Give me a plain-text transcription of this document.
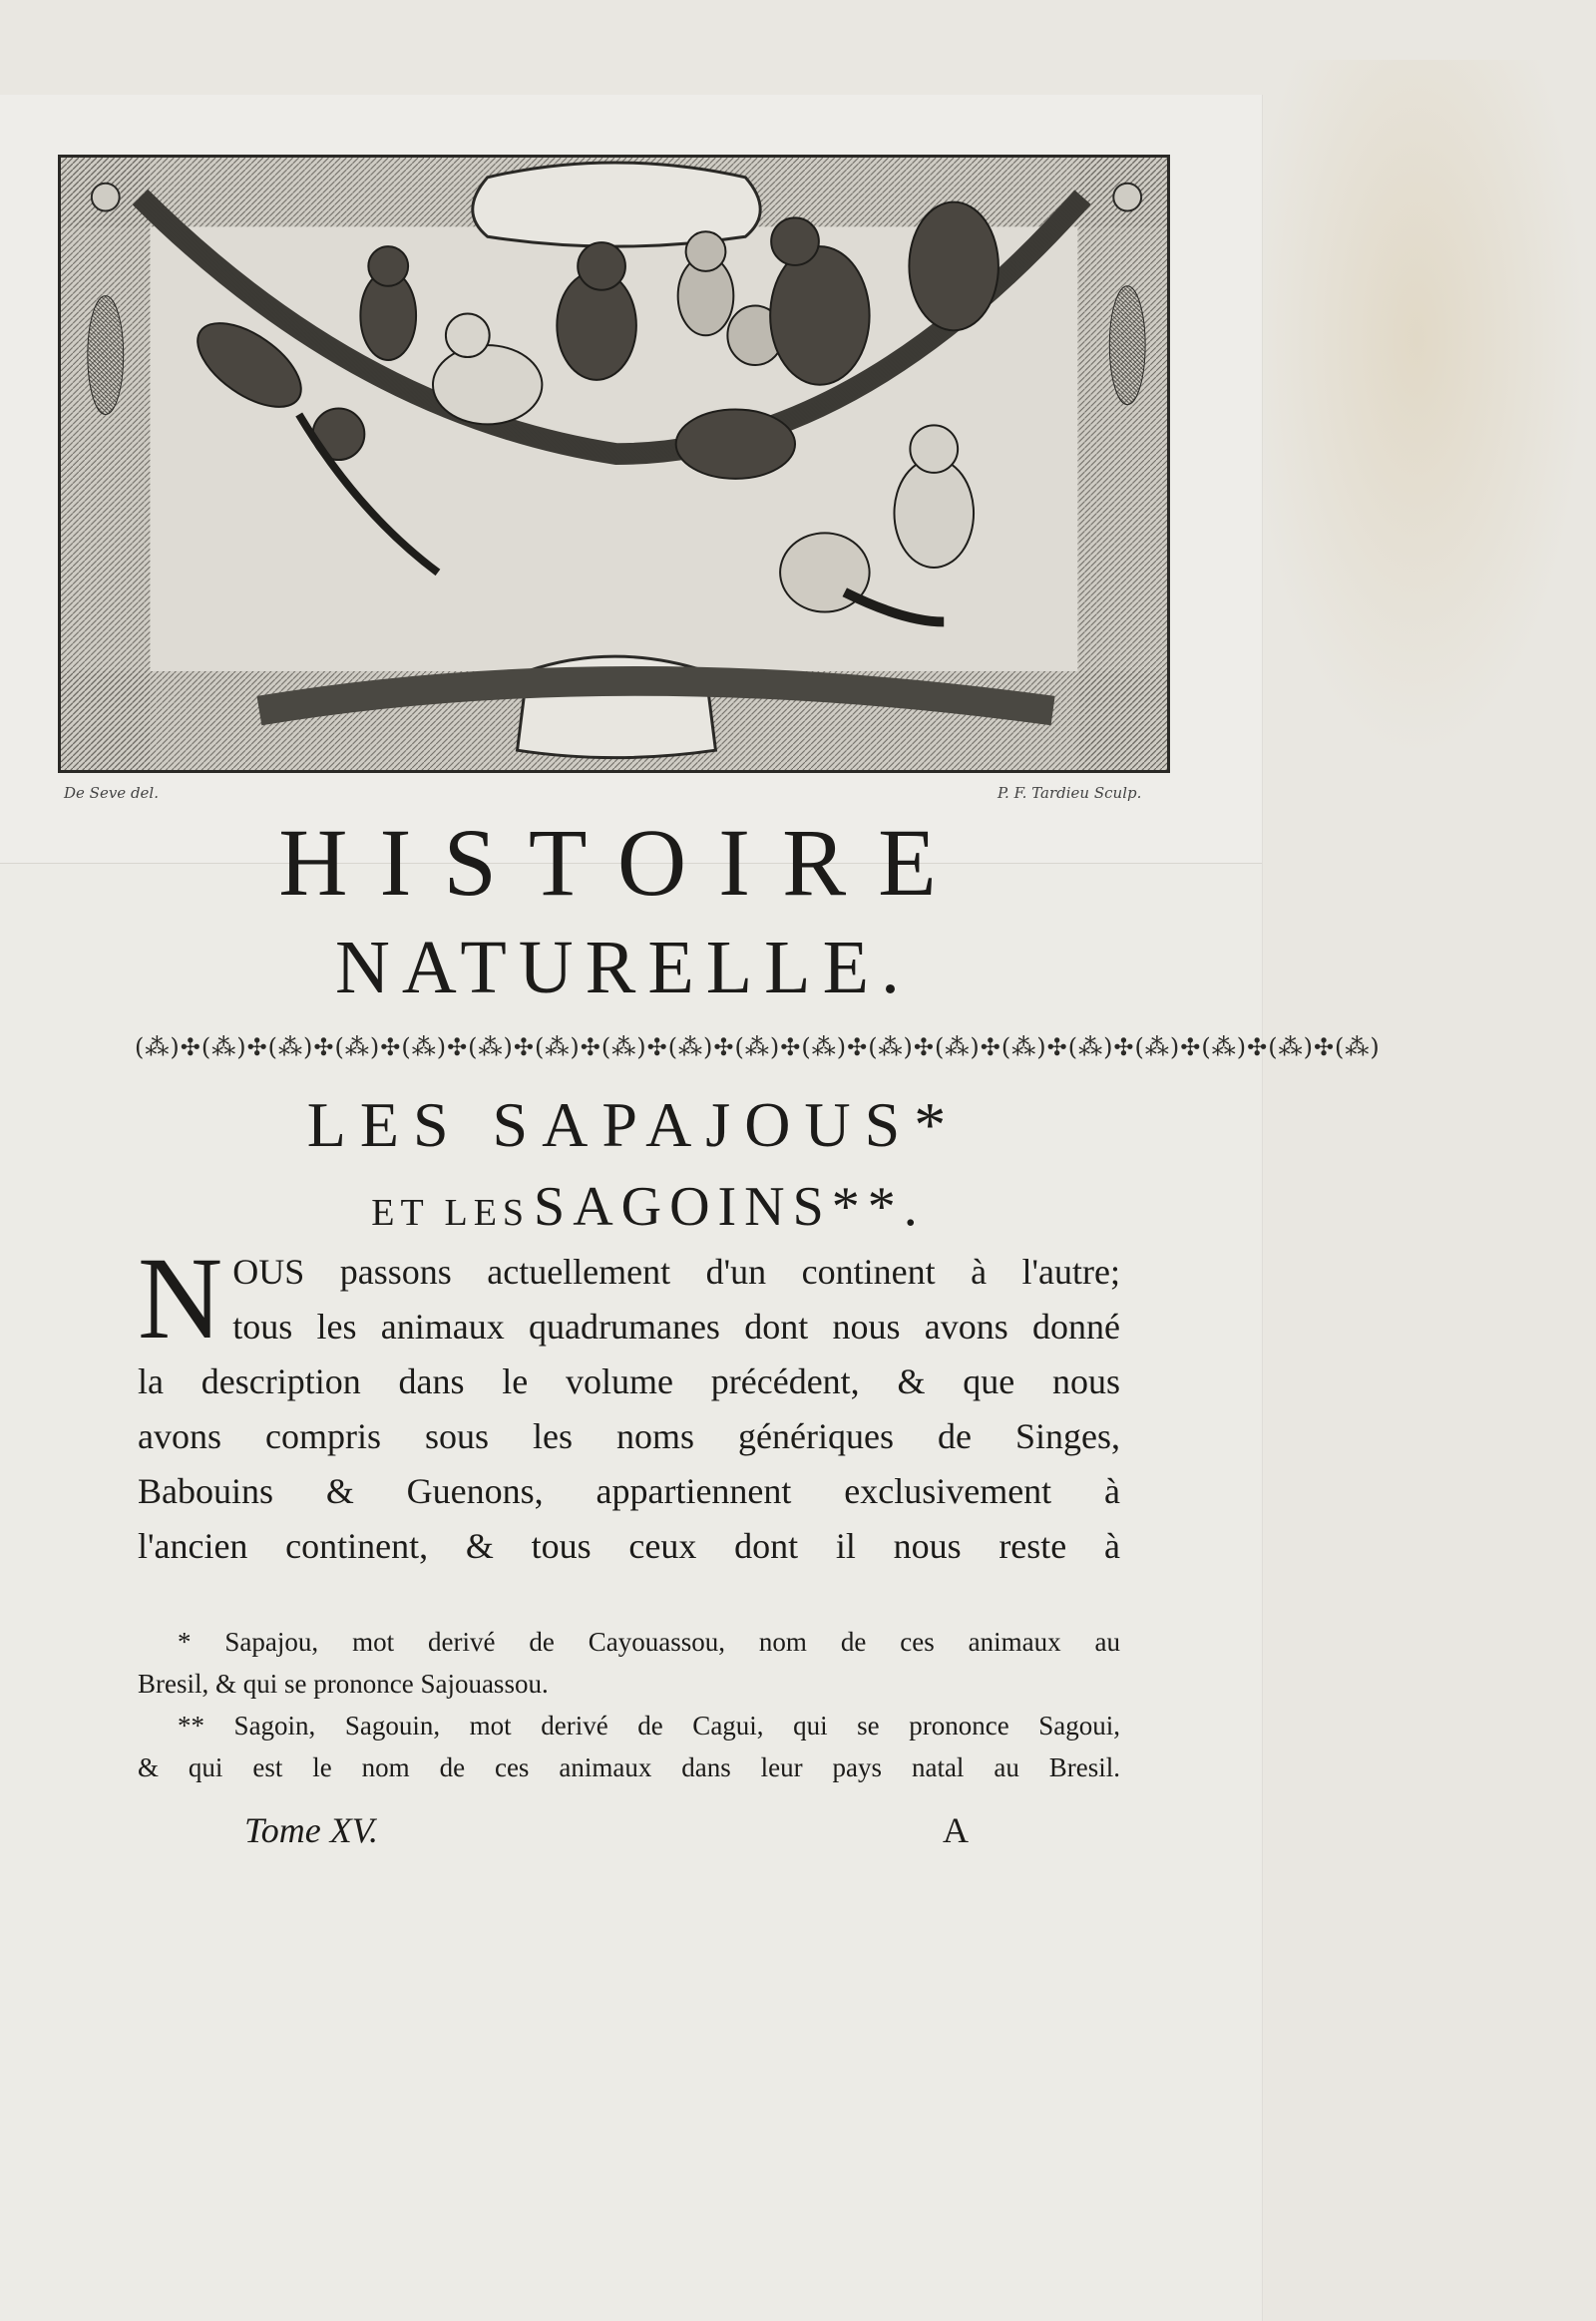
De Seve del.	P. F. Tardieu Sculp.
HISTOIRE
NATURELLE.
(⁂)✣(⁂)✣(⁂)✣(⁂)✣(⁂)✣(⁂)✣(⁂)✣(⁂)✣(⁂)✣(⁂)✣(⁂)✣(⁂)✣(⁂)✣(⁂)✣(⁂)✣(⁂)✣(⁂)✣(⁂)✣(⁂)
LES SAPAJOUS*
ET LES SAGOINS**.
N OUS passons actuellement d'un continent à l'autre;
tous les animaux quadrumanes dont nous avons donné
la description dans le volume précédent, & que nous
avons compris sous les noms génériques de Singes,
Babouins & Guenons, appartiennent exclusivement à
l'ancien continent, & tous ceux dont il nous reste à
* Sapajou, mot derivé de Cayouassou, nom de ces animaux au
Bresil, & qui se prononce Sajouassou.
** Sagoin, Sagouin, mot derivé de Cagui, qui se prononce Sagoui,
& qui est le nom de ces animaux dans leur pays natal au Bresil.
Tome XV.	A
